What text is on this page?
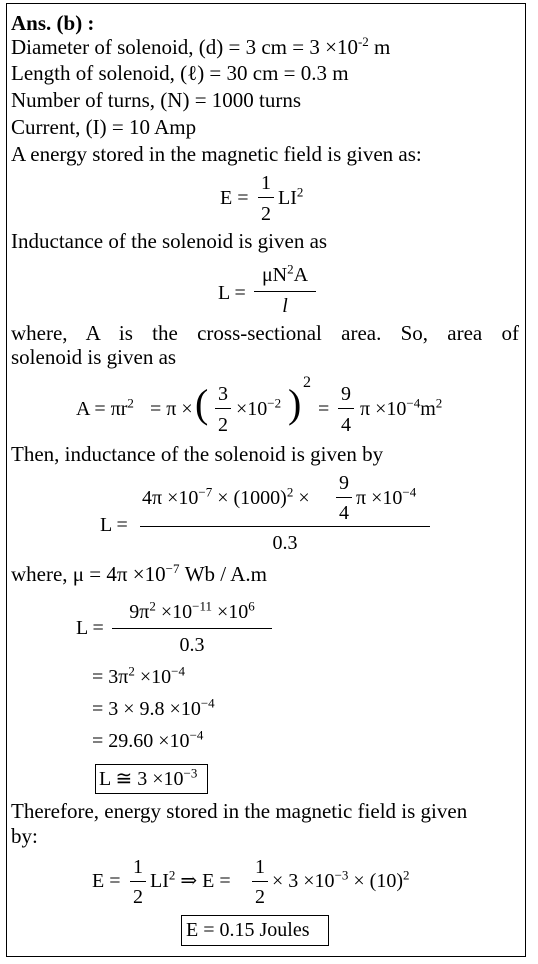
Ans. (b) :
Diameter of solenoid, (d) = 3 cm = $3 \times 10^{-2}$ m
Length of solenoid, (ℓ) = 30 cm = 0.3 m
Number of turns, (N) = 1000 turns
Current, (I) = 10 Amp
A energy stored in the magnetic field is given as:
E =
1
2
$LI^2$
Inductance of the solenoid is given as
L =
$\mu N^2A$
l
where, A is the cross-sectional area. So, area of
solenoid is given as
$A = \pi r^2 = \pi$ × ( 3
2
$\times 10^{-2}$ ) 2
=
9
4
$\pi \times 10^{-4}m^2$
Then, inductance of the solenoid is given by
L =
$4\pi \times 10^{-7} \times (1000)^2$ ×
9
4
$\pi \times 10^{-4}$
0.3
where, $\mu = 4\pi \times 10^{-7}$ Wb / A.m
L =
$9\pi^2 \times 10^{-11} \times 10^6$
0.3
= $3\pi^2 \times 10^{-4}$
= $3 \times 9.8 \times 10^{-4}$
= $29.60 \times 10^{-4}$
L ≅ $3 \times 10^{-3}$
Therefore, energy stored in the magnetic field is given
by:
E =
1
2
$LI^2$ ⇒ E =
1
2
× $3 \times 10^{-3} \times (10)^2$
E = 0.15 Joules
